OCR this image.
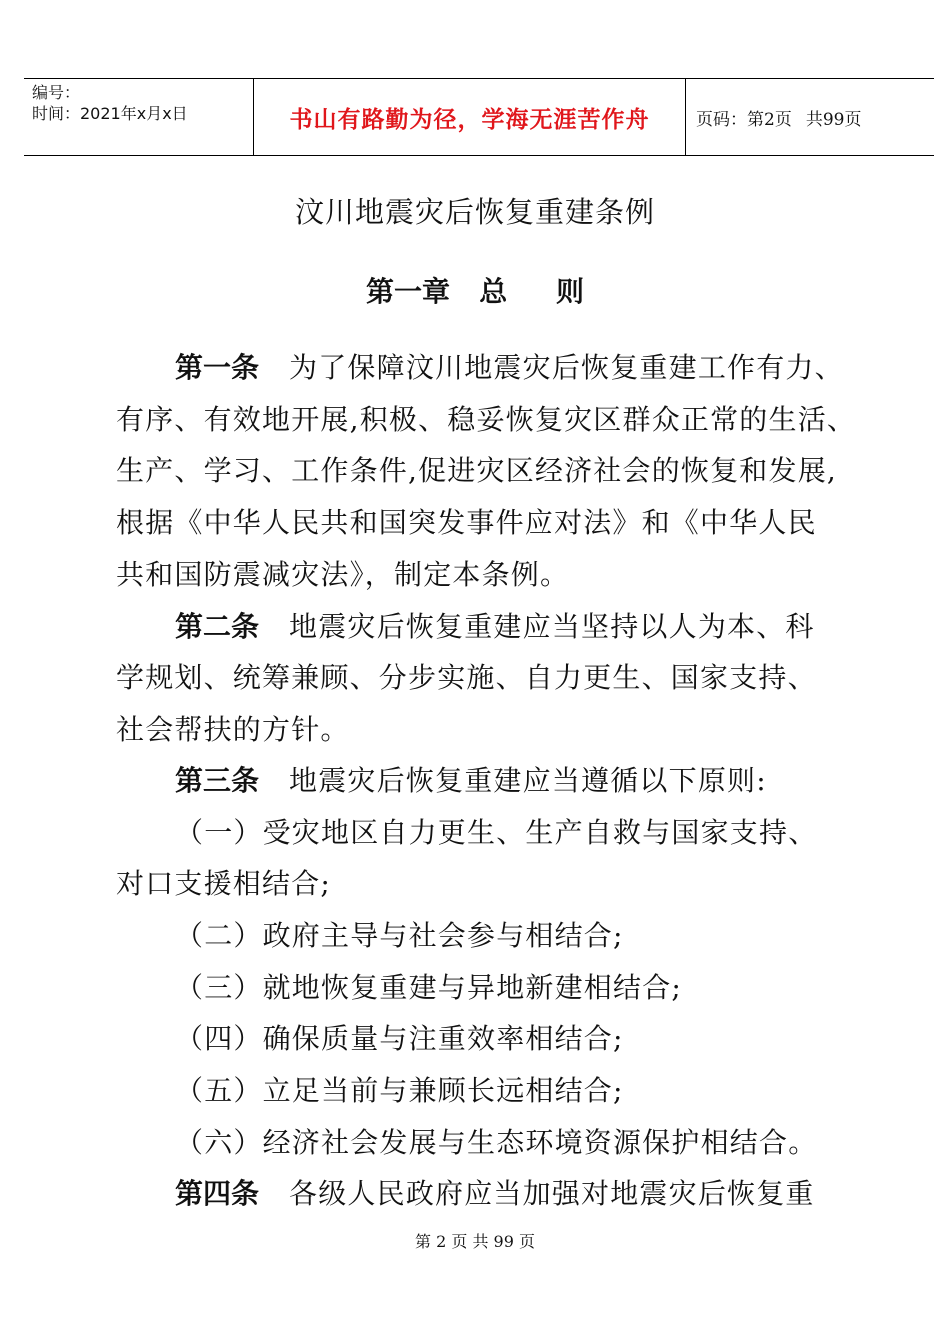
编号：
时间：2021年x月x日	书山有路勤为径，学海无涯苦作舟	页码：第2页 共99页
汶川地震灾后恢复重建条例
第一章   总     则
第一条 为了保障汶川地震灾后恢复重建工作有力、
有序、有效地开展,积极、稳妥恢复灾区群众正常的生活、
生产、学习、工作条件,促进灾区经济社会的恢复和发展,
根据《中华人民共和国突发事件应对法》和《中华人民
共和国防震减灾法》，制定本条例。
第二条 地震灾后恢复重建应当坚持以人为本、科
学规划、统筹兼顾、分步实施、自力更生、国家支持、
社会帮扶的方针。
第三条 地震灾后恢复重建应当遵循以下原则:
（一）受灾地区自力更生、生产自救与国家支持、
对口支援相结合;
（二）政府主导与社会参与相结合;
（三）就地恢复重建与异地新建相结合;
（四）确保质量与注重效率相结合;
（五）立足当前与兼顾长远相结合;
（六）经济社会发展与生态环境资源保护相结合。
第四条 各级人民政府应当加强对地震灾后恢复重
第 2 页 共 99 页
